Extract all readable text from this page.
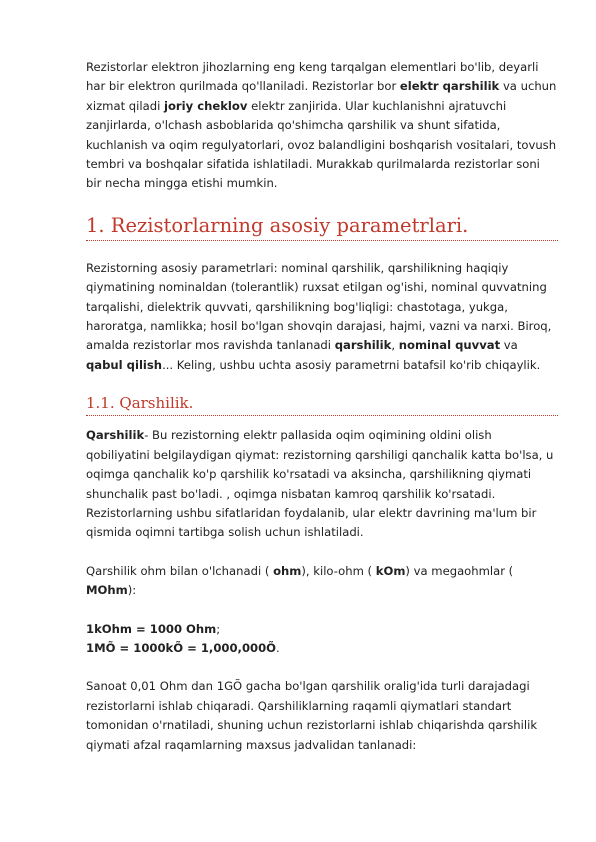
Rezistorlar elektron jihozlarning eng keng tarqalgan elementlari bo'lib, deyarli har bir elektron qurilmada qo'llaniladi. Rezistorlar bor elektr qarshilik va uchun xizmat qiladi joriy cheklov elektr zanjirida. Ular kuchlanishni ajratuvchi zanjirlarda, o'lchash asboblarida qo'shimcha qarshilik va shunt sifatida, kuchlanish va oqim regulyatorlari, ovoz balandligini boshqarish vositalari, tovush tembri va boshqalar sifatida ishlatiladi. Murakkab qurilmalarda rezistorlar soni bir necha mingga etishi mumkin.

1. Rezistorlarning asosiy parametrlari.

Rezistorning asosiy parametrlari: nominal qarshilik, qarshilikning haqiqiy qiymatining nominaldan (tolerantlik) ruxsat etilgan og'ishi, nominal quvvatning tarqalishi, dielektrik quvvati, qarshilikning bog'liqligi: chastotaga, yukga, haroratga, namlikka; hosil bo'lgan shovqin darajasi, hajmi, vazni va narxi. Biroq, amalda rezistorlar mos ravishda tanlanadi qarshilik, nominal quvvat va qabul qilish... Keling, ushbu uchta asosiy parametrni batafsil ko'rib chiqaylik.

1.1. Qarshilik.

Qarshilik- Bu rezistorning elektr pallasida oqim oqimining oldini olish qobiliyatini belgilaydigan qiymat: rezistorning qarshiligi qanchalik katta bo'lsa, u oqimga qanchalik ko'p qarshilik ko'rsatadi va aksincha, qarshilikning qiymati shunchalik past bo'ladi. , oqimga nisbatan kamroq qarshilik ko'rsatadi. Rezistorlarning ushbu sifatlaridan foydalanib, ular elektr davrining ma'lum bir qismida oqimni tartibga solish uchun ishlatiladi.

Qarshilik ohm bilan o'lchanadi ( ohm), kilo-ohm ( kOm) va megaohmlar ( MOhm):

1kOhm = 1000 Ohm;

1MÕ = 1000kÕ = 1,000,000Õ.

Sanoat 0,01 Ohm dan 1GÕ gacha bo'lgan qarshilik oralig'ida turli darajadagi rezistorlarni ishlab chiqaradi. Qarshiliklarning raqamli qiymatlari standart tomonidan o'rnatiladi, shuning uchun rezistorlarni ishlab chiqarishda qarshilik qiymati afzal raqamlarning maxsus jadvalidan tanlanadi:
